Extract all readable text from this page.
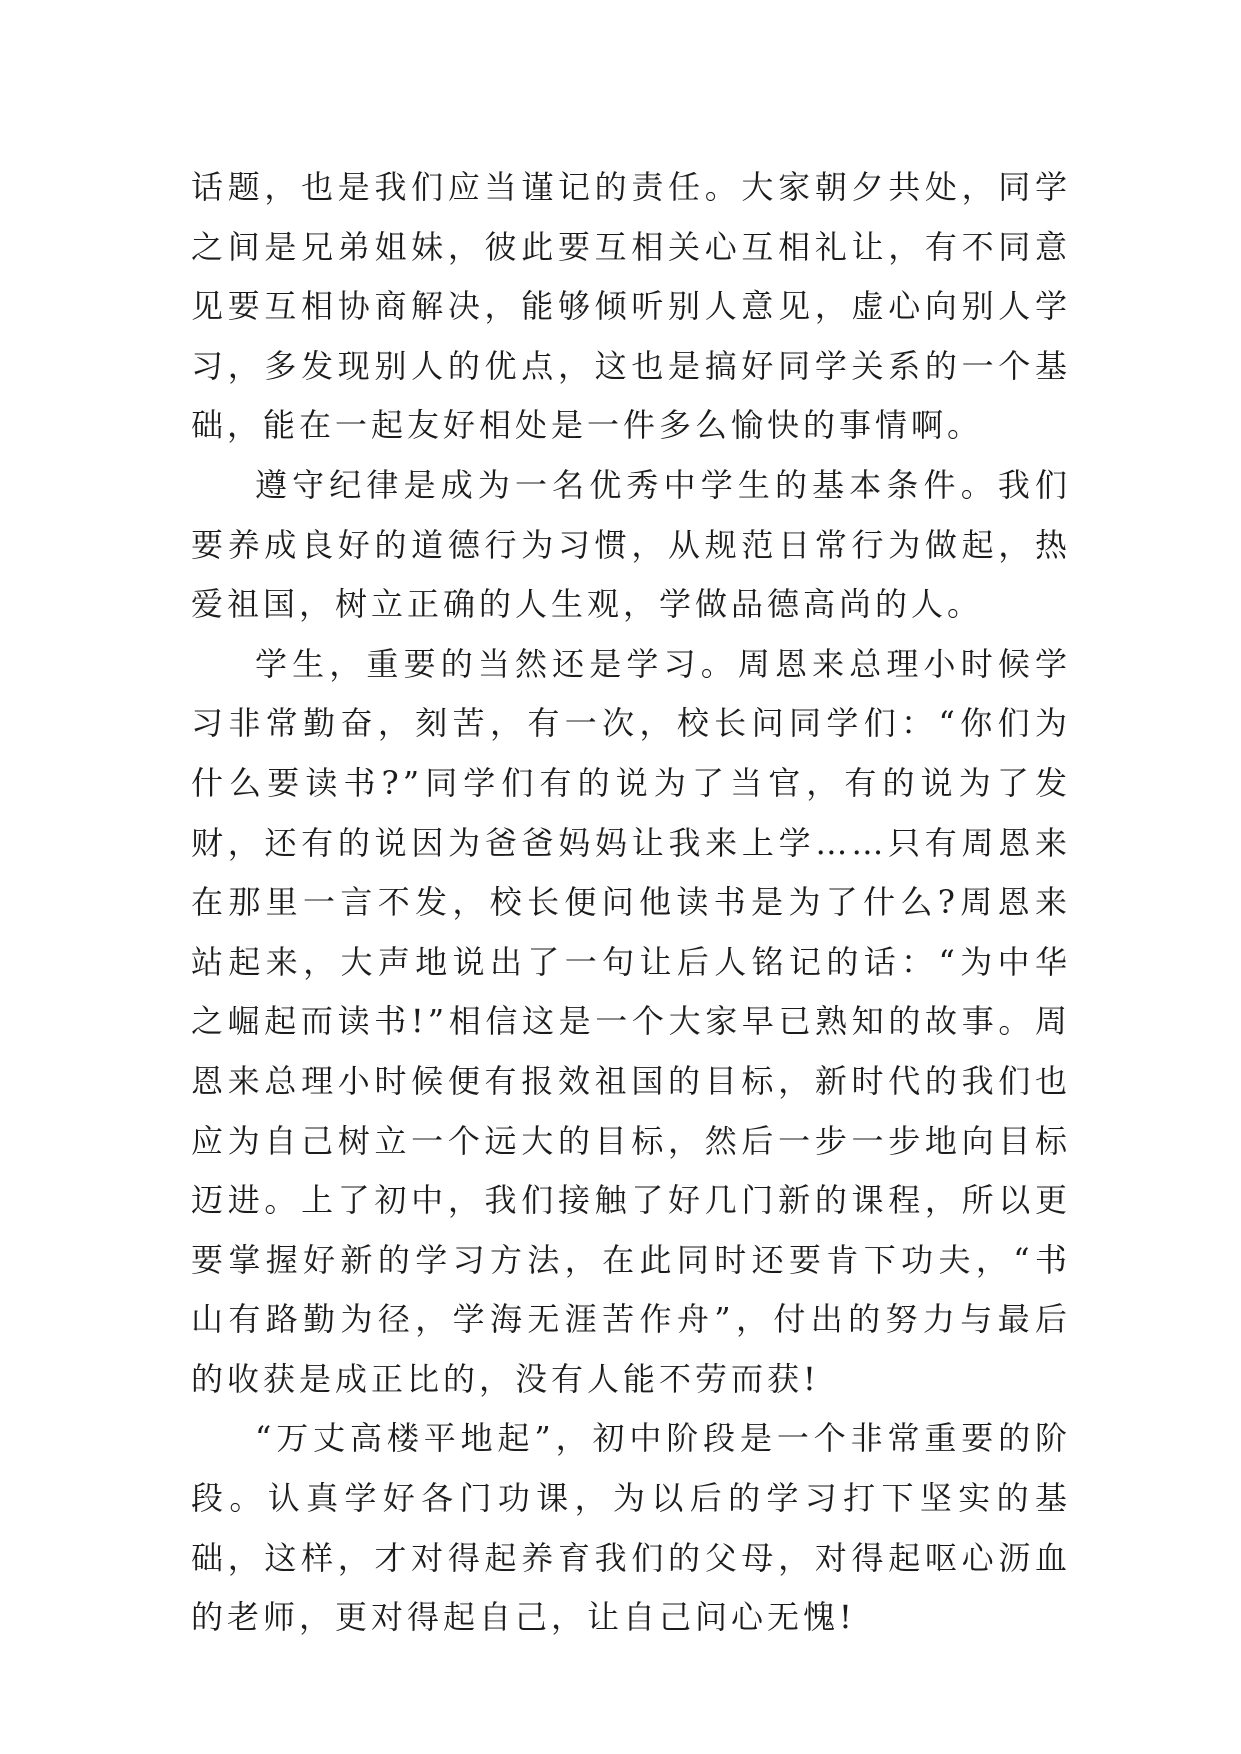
话题，也是我们应当谨记的责任。大家朝夕共处，同学之间是兄弟姐妹，彼此要互相关心互相礼让，有不同意见要互相协商解决，能够倾听别人意见，虚心向别人学习，多发现别人的优点，这也是搞好同学关系的一个基础，能在一起友好相处是一件多么愉快的事情啊。

遵守纪律是成为一名优秀中学生的基本条件。我们要养成良好的道德行为习惯，从规范日常行为做起，热爱祖国，树立正确的人生观，学做品德高尚的人。

学生，重要的当然还是学习。周恩来总理小时候学习非常勤奋，刻苦，有一次，校长问同学们：“你们为什么要读书?”同学们有的说为了当官，有的说为了发财，还有的说因为爸爸妈妈让我来上学……只有周恩来在那里一言不发，校长便问他读书是为了什么?周恩来站起来，大声地说出了一句让后人铭记的话：“为中华之崛起而读书!”相信这是一个大家早已熟知的故事。周恩来总理小时候便有报效祖国的目标，新时代的我们也应为自己树立一个远大的目标，然后一步一步地向目标迈进。上了初中，我们接触了好几门新的课程，所以更要掌握好新的学习方法，在此同时还要肯下功夫，“书山有路勤为径，学海无涯苦作舟”，付出的努力与最后的收获是成正比的，没有人能不劳而获!

“万丈高楼平地起”，初中阶段是一个非常重要的阶段。认真学好各门功课，为以后的学习打下坚实的基础，这样，才对得起养育我们的父母，对得起呕心沥血的老师，更对得起自己，让自己问心无愧!
